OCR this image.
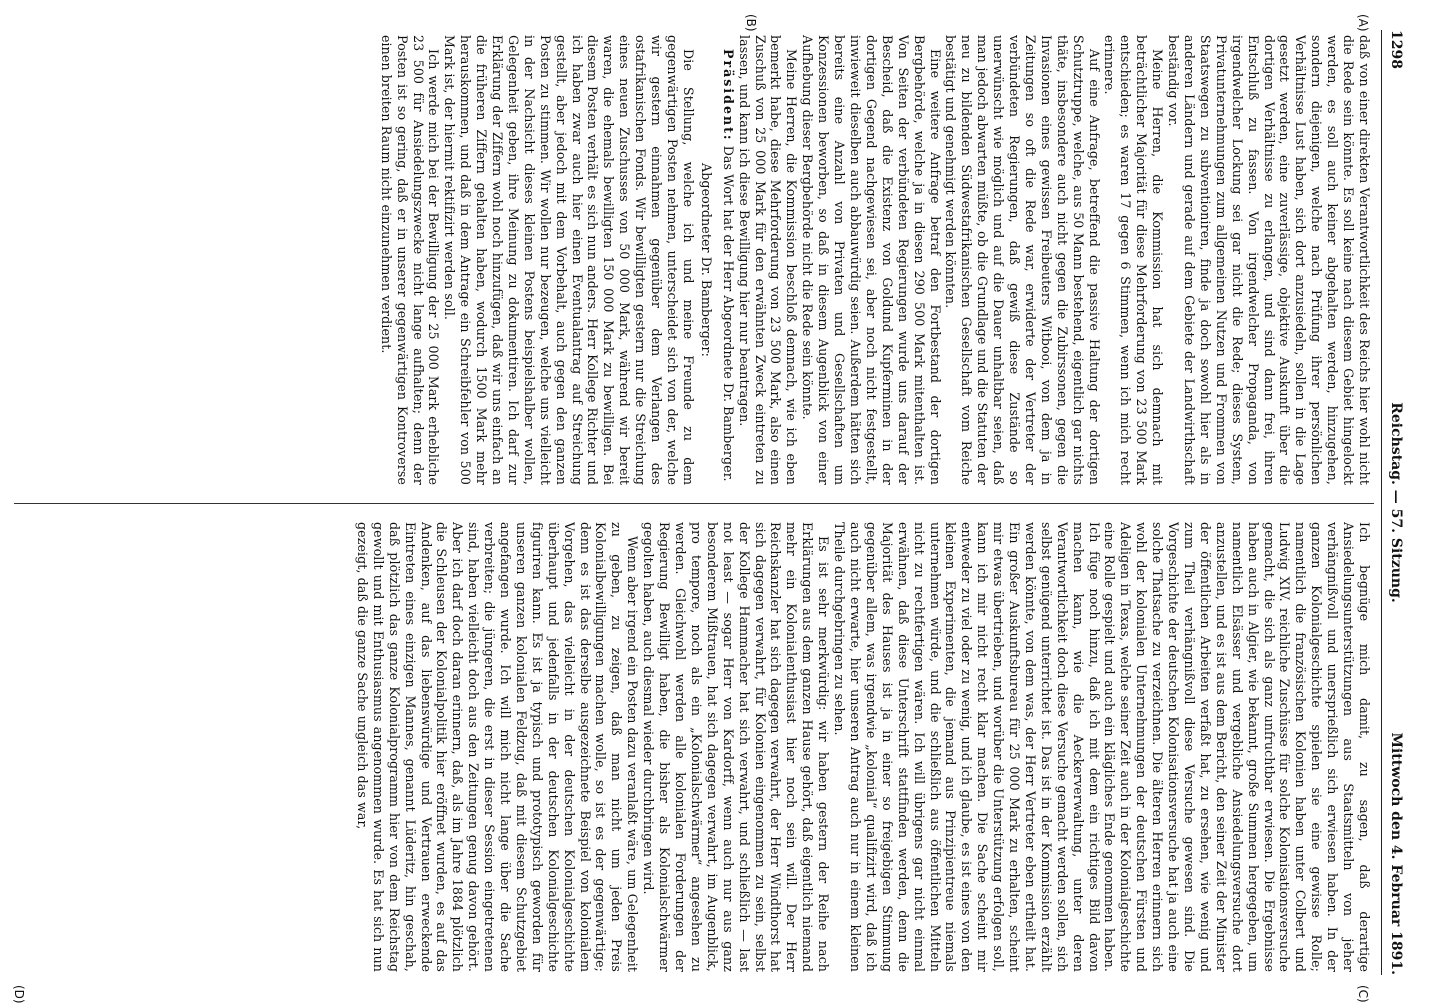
1298
Reichstag. — 57. Sitzung.
Mittwoch den 4. Februar 1891.
(A)
(B)
(C)
(D)

daß von einer direkten Verantwortlichkeit des Reichs hier wohl nicht die Rede sein könnte. Es soll keine nach diesem Gebiet hingelockt werden, es soll auch keiner abgehalten werden, hinzugehen, sondern diejenigen, welche nach Prüfung ihrer persönlichen Verhältnisse Lust haben, sich dort anzusiedeln, sollen in die Lage gesetzt werden, eine zuverlässige, objektive Auskunft über die dortigen Verhältnisse zu erlangen, und sind dann frei, ihren Entschluß zu fassen. Von irgendwelcher Propaganda, von irgendwelcher Lockung sei gar nicht die Rede; dieses System, Privatunternehmungen zum allgemeinen Nutzen und Frommen von Staatswegen zu subventioniren, finde ja doch sowohl hier als in anderen Ländern und gerade auf dem Gebiete der Landwirthschaft beständig vor.

Meine Herren, die Kommission hat sich demnach mit beträchtlicher Majorität für diese Mehrforderung von 23 500 Mark entschieden; es waren 17 gegen 6 Stimmen, wenn ich mich recht erinnere.

Auf eine Anfrage, betreffend die passive Haltung der dortigen Schutztruppe, welche, aus 50 Mann bestehend, eigentlich gar nichts thäte, insbesondere auch nicht gegen die Zubirssonen, gegen die Invasionen eines gewissen Freibeuters Witbooi, von dem ja in Zeitungen so oft die Rede war, erwiderte der Vertreter der verbündeten Regierungen, daß gewiß diese Zustände so unerwünscht wie möglich und auf die Dauer unhaltbar seien, daß man jedoch abwarten müßte, ob die Grundlage und die Statuten der neu zu bildenden Südwestafrikanischen Gesellschaft vom Reiche bestätigt und genehmigt werden könnten.

Eine weitere Anfrage betraf den Fortbestand der dortigen Bergbehörde, welche ja in diesen 290 500 Mark mitenthalten ist. Von Seiten der verbündeten Regierungen wurde uns darauf der Bescheid, daß die Existenz von Goldund Kupferminen in der dortigen Gegend nachgewiesen sei, aber noch nicht festgestellt, inwieweit dieselben auch abbauwürdig seien. Außerdem hätten sich bereits eine Anzahl von Privaten und Gesellschaften um Konzessionen beworben, so daß in diesem Augenblick von einer Aufhebung dieser Bergbehörde nicht die Rede sein könnte.

Meine Herren, die Kommission beschloß demnach, wie ich eben bemerkt habe, diese Mehrforderung von 23 500 Mark, also einen Zuschuß von 25 000 Mark für den erwähnten Zweck eintreten zu lassen, und kann ich diese Bewilligung hier nur beantragen.

Präsident: Das Wort hat der Herr Abgeordnete Dr. Bamberger.

Abgeordneter Dr. Bamberger:

Die Stellung, welche ich und meine Freunde zu dem gegenwärtigen Posten nehmen, unterscheidet sich von der, welche wir gestern einnahmen gegenüber dem Verlangen des ostafrikanischen Fonds. Wir bewilligten gestern nur die Streichung eines neuen Zuschusses von 50 000 Mark, während wir bereit waren, die ehemals bewilligten 150 000 Mark zu bewilligen. Bei diesem Posten verhält es sich nun anders. Herr Kollege Richter und ich haben zwar auch hier einen Eventualantrag auf Streichung gestellt, aber jedoch mit dem Vorbehalt, auch gegen den ganzen Posten zu stimmen. Wir wollen nur bezeugen, welche uns vielleicht in der Nachsicht dieses kleinen Postens beispielshalber wollen, Gelegenheit geben, ihre Meinung zu dokumentiren. Ich darf zur Erklärung der Ziffern wohl noch hinzufügen, daß wir uns einfach an die früheren Ziffern gehalten haben, wodurch 1500 Mark mehr herauskommen, und daß in dem Antrage ein Schreibfehler von 500 Mark ist, der hiermit rektifizirt werden soll.

Ich werde mich bei der Bewilligung der 25 000 Mark erhebliche 23 500 für Ansiedelungszwecke nicht lange aufhalten; denn der Posten ist so gering, daß er in unserer gegenwärtigen Kontroverse einen breiten Raum nicht einzunehmen verdient.

Ich begnüge mich damit, zu sagen, daß derartige Ansiedelungsunterstützungen aus Staatsmitteln von jeher verhängnißvoll und unersprießlich sich erwiesen haben. In der ganzen Kolonialgeschichte spielen sie eine gewisse Rolle; namentlich die französischen Kolonien haben unter Colbert und Ludwig XIV. reichliche Zuschüsse für solche Kolonisationsversuche gemacht, die sich als ganz unfruchtbar erwiesen. Die Ergebnisse haben auch in Algier, wie bekannt, große Summen hergegeben, um namentlich Elsässer und vergebliche Ansiedelungsversuche dort anzustellen, und es ist aus dem Bericht, den seiner Zeit der Minister der öffentlichen Arbeiten verfaßt hat, zu ersehen, wie wenig und zum Theil verhängnißvoll diese Versuche gewesen sind. Die Vorgeschichte der deutschen Kolonisationsversuche hat ja auch eine solche Thatsache zu verzeichnen. Die älteren Herren erinnern sich wohl der kolonialen Unternehmungen der deutschen Fürsten und Adeligen in Texas, welche seiner Zeit auch in der Kolonialgeschichte eine Rolle gespielt und auch ein klägliches Ende genommen haben. Ich füge noch hinzu, daß ich mit dem ein richtiges Bild davon machen kann, wie die Aeckerverwaltung, unter deren Verantwortlichkeit doch diese Versuche gemacht werden sollen, sich selbst genügend unterrichtet ist. Das ist in der Kommission erzählt werden könnte, von dem was, der Herr Vertreter eben ertheilt hat. Ein großer Auskunftsbureau für 25 000 Mark zu erhalten, scheint mir etwas übertrieben, und worüber die Unterstützung erfolgen soll, kann ich mir nicht recht klar machen. Die Sache scheint mir entweder zu viel oder zu wenig, und ich glaube, es ist eines von den kleinen Experimenten, die jemand aus Prinzipientreue niemals unternehmen würde, und die schließlich aus öffentlichen Mitteln nicht zu rechtfertigen wären. Ich will übrigens gar nicht einmal erwähnen, daß diese Unterschrift stattfinden werden, denn die Majorität des Hauses ist ja in einer so freigebigen Stimmung gegenüber allem, was irgendwie „kolonial“ qualifizirt wird, daß ich auch nicht erwarte, hier unseren Antrag auch nur in einem kleinen Theile durchgebringen zu sehen.

Es ist sehr merkwürdig: wir haben gestern der Reihe nach Erklärungen aus dem ganzen Hause gehört, daß eigentlich niemand mehr ein Kolonialenthusiast hier noch sein will. Der Herr Reichskanzler hat sich dagegen verwahrt, der Herr Windthorst hat sich dagegen verwahrt, für Kolonien eingenommen zu sein, selbst der Kollege Hammacher hat sich verwahrt, und schließlich — last not least — sogar Herr von Kardorff, wenn auch nur aus ganz besonderem Mißtrauen, hat sich dagegen verwahrt, im Augenblick, pro tempore, noch als ein „Kolonialschwärmer“ angesehen zu werden. Gleichwohl werden alle kolonialen Forderungen der Regierung Bewilligt haben, die bisher als Kolonialschwärmer gegolten haben, auch diesmal wieder durchbringen wird.

Wenn aber irgend ein Posten dazu veranlaßt wäre, um Gelegenheit zu geben, zu zeigen, daß man nicht um jeden Preis Kolonialbewilligungen machen wolle, so ist es der gegenwärtige; denn es ist das derselbe ausgezeichnete Beispiel von kolonialem Vorgehen, das vielleicht in der deutschen Kolonialgeschichte überhaupt und jedenfalls in der deutschen Kolonialgeschichte figuriren kann. Es ist ja typisch und prototypisch geworden für unseren ganzen kolonialen Feldzug, daß mit diesem Schutzgebiet angefangen wurde. Ich will mich nicht lange über die Sache verbreiten; die jüngeren, die erst in dieser Session eingetretenen sind, haben vielleicht doch aus den Zeitungen genug davon gehört. Aber ich darf doch daran erinnern, daß, als im Jahre 1884 plötzlich die Schleusen der Kolonialpolitik hier eröffnet wurden, es auf das Andenken, auf das liebenswürdige und Vertrauen erweckende Eintreten eines einzigen Mannes, genannt Lüderitz, hin geschah, daß plötzlich das ganze Kolonialprogramm hier von dem Reichstag gewollt und mit Enthusiasmus angenommen wurde. Es hat sich nun gezeigt, daß die ganze Sache ungleich das war,
